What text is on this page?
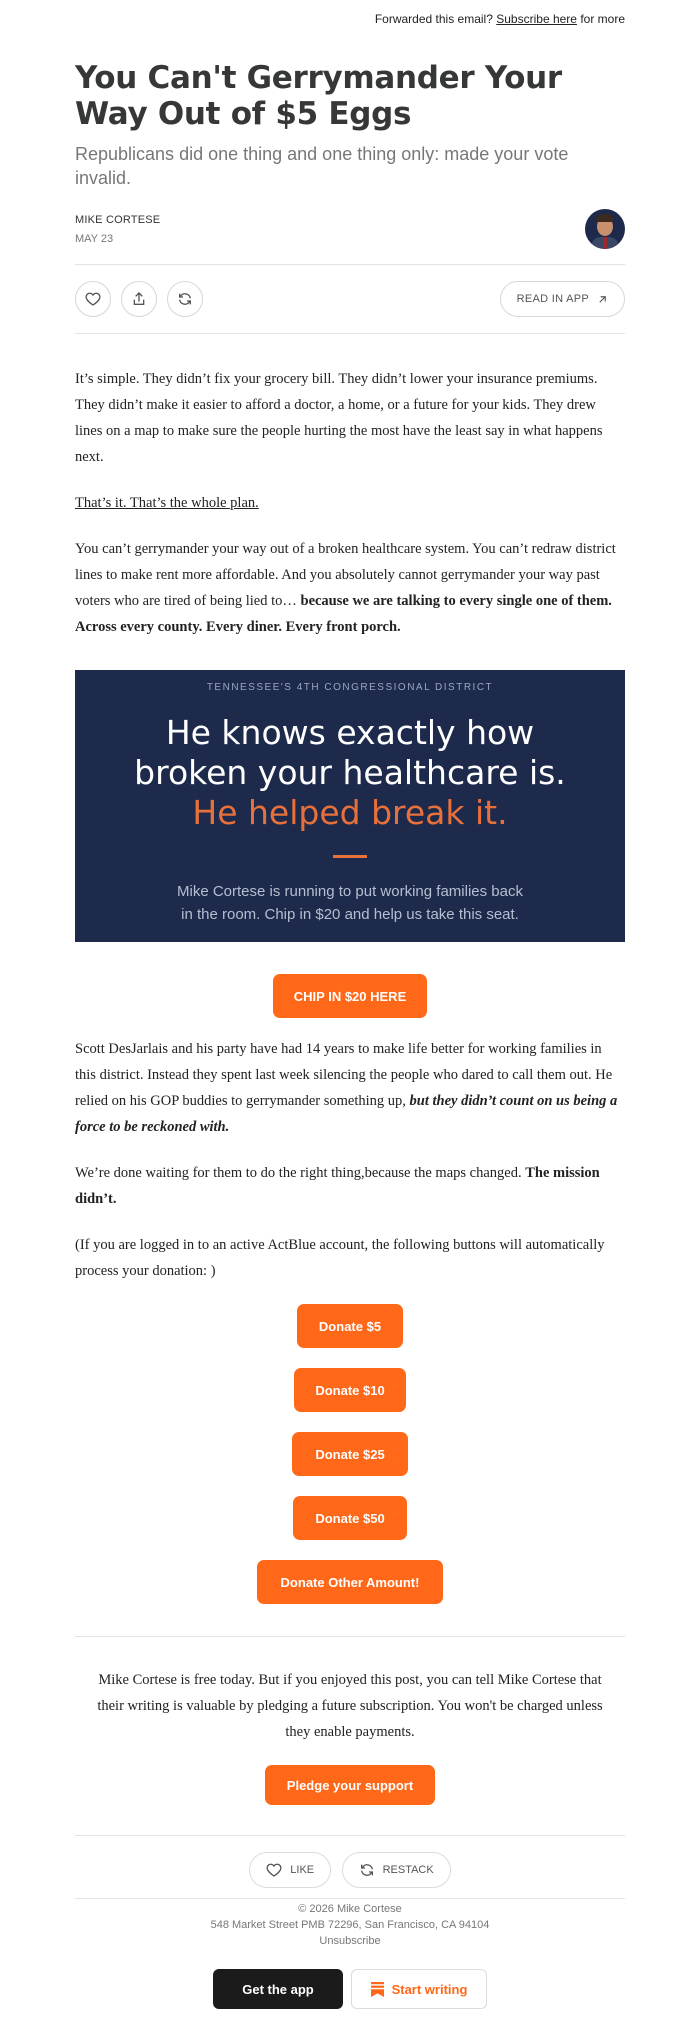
Forwarded this email? Subscribe here for more
You Can't Gerrymander Your Way Out of $5 Eggs
Republicans did one thing and one thing only: made your vote invalid.
MIKE CORTESE
MAY 23
READ IN APP

It’s simple. They didn’t fix your grocery bill. They didn’t lower your insurance premiums. They didn’t make it easier to afford a doctor, a home, or a future for your kids. They drew lines on a map to make sure the people hurting the most have the least say in what happens next.

That’s it. That’s the whole plan.

You can’t gerrymander your way out of a broken healthcare system. You can’t redraw district lines to make rent more affordable. And you absolutely cannot gerrymander your way past voters who are tired of being lied to… because we are talking to every single one of them. Across every county. Every diner. Every front porch.

TENNESSEE'S 4TH CONGRESSIONAL DISTRICT
He knows exactly how
broken your healthcare is.
He helped break it.
Mike Cortese is running to put working families back
in the room. Chip in $20 and help us take this seat.
CHIP IN $20 HERE

Scott DesJarlais and his party have had 14 years to make life better for working families in this district. Instead they spent last week silencing the people who dared to call them out. He relied on his GOP buddies to gerrymander something up, but they didn’t count on us being a force to be reckoned with.

We’re done waiting for them to do the right thing,because the maps changed. The mission didn’t.

(If you are logged in to an active ActBlue account, the following buttons will automatically process your donation: )

Donate $5
Donate $10
Donate $25
Donate $50
Donate Other Amount!
Mike Cortese is free today. But if you enjoyed this post, you can tell Mike Cortese that their writing is valuable by pledging a future subscription. You won't be charged unless they enable payments.
Pledge your support
LIKE
	RESTACK
© 2026 Mike Cortese
548 Market Street PMB 72296, San Francisco, CA 94104
Unsubscribe
Get the app	Start writing
